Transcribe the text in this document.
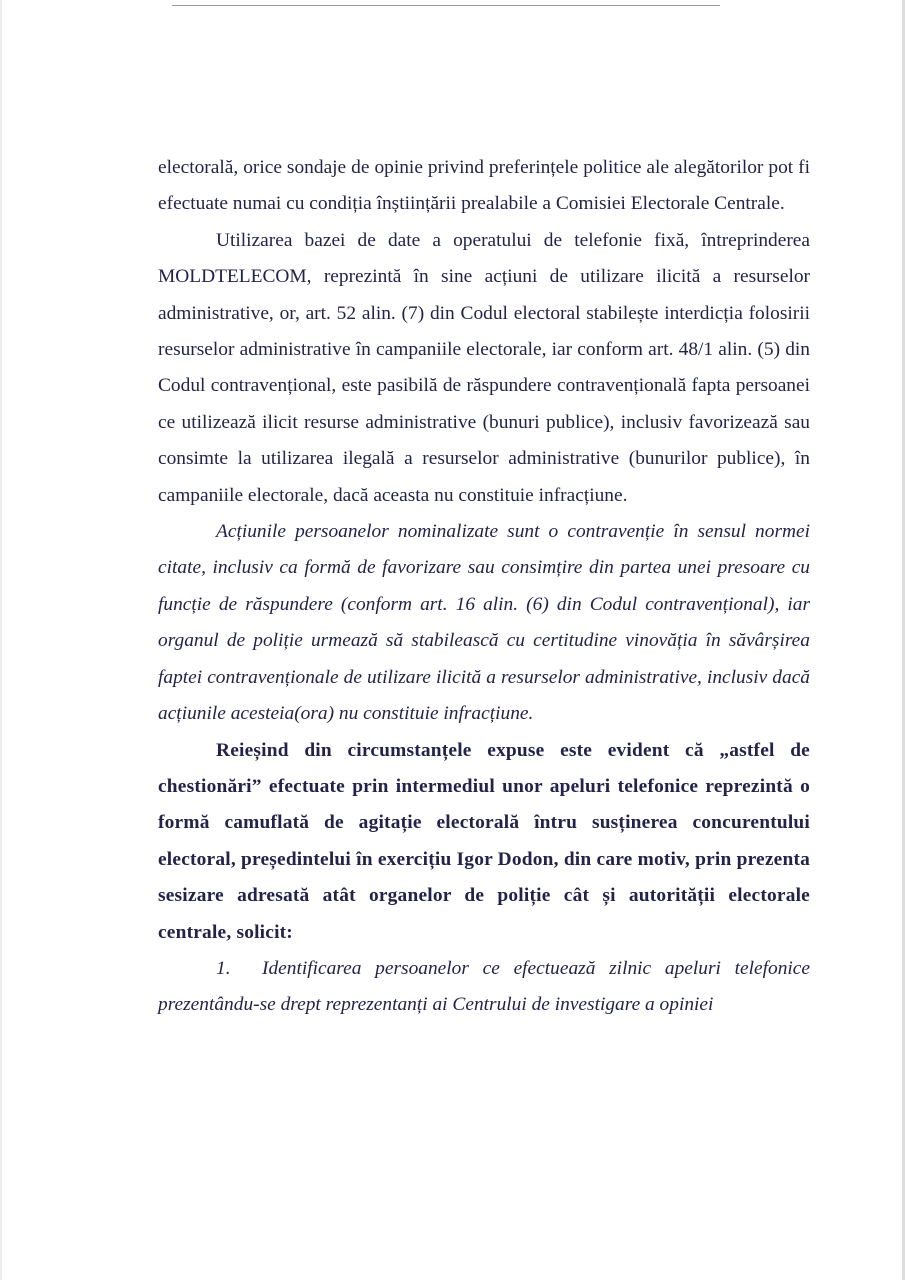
electorală, orice sondaje de opinie privind preferințele politice ale alegătorilor pot fi efectuate numai cu condiția înștiințării prealabile a Comisiei Electorale Centrale.

Utilizarea bazei de date a operatului de telefonie fixă, întreprinderea MOLDTELECOM, reprezintă în sine acțiuni de utilizare ilicită a resurselor administrative, or, art. 52 alin. (7) din Codul electoral stabilește interdicția folosirii resurselor administrative în campaniile electorale, iar conform art. 48/1 alin. (5) din Codul contravențional, este pasibilă de răspundere contravențională fapta persoanei ce utilizează ilicit resurse administrative (bunuri publice), inclusiv favorizează sau consimte la utilizarea ilegală a resurselor administrative (bunurilor publice), în campaniile electorale, dacă aceasta nu constituie infracțiune.

Acțiunile persoanelor nominalizate sunt o contravenție în sensul normei citate, inclusiv ca formă de favorizare sau consimțire din partea unei presoare cu funcție de răspundere (conform art. 16 alin. (6) din Codul contravențional), iar organul de poliție urmează să stabilească cu certitudine vinovăția în săvârșirea faptei contravenționale de utilizare ilicită a resurselor administrative, inclusiv dacă acțiunile acesteia(ora) nu constituie infracțiune.

Reieșind din circumstanțele expuse este evident că „astfel de chestionări” efectuate prin intermediul unor apeluri telefonice reprezintă o formă camuflată de agitație electorală întru susținerea concurentului electoral, președintelui în exercițiu Igor Dodon, din care motiv, prin prezenta sesizare adresată atât organelor de poliție cât și autorității electorale centrale, solicit:

1. Identificarea persoanelor ce efectuează zilnic apeluri telefonice prezentându-se drept reprezentanți ai Centrului de investigare a opiniei
